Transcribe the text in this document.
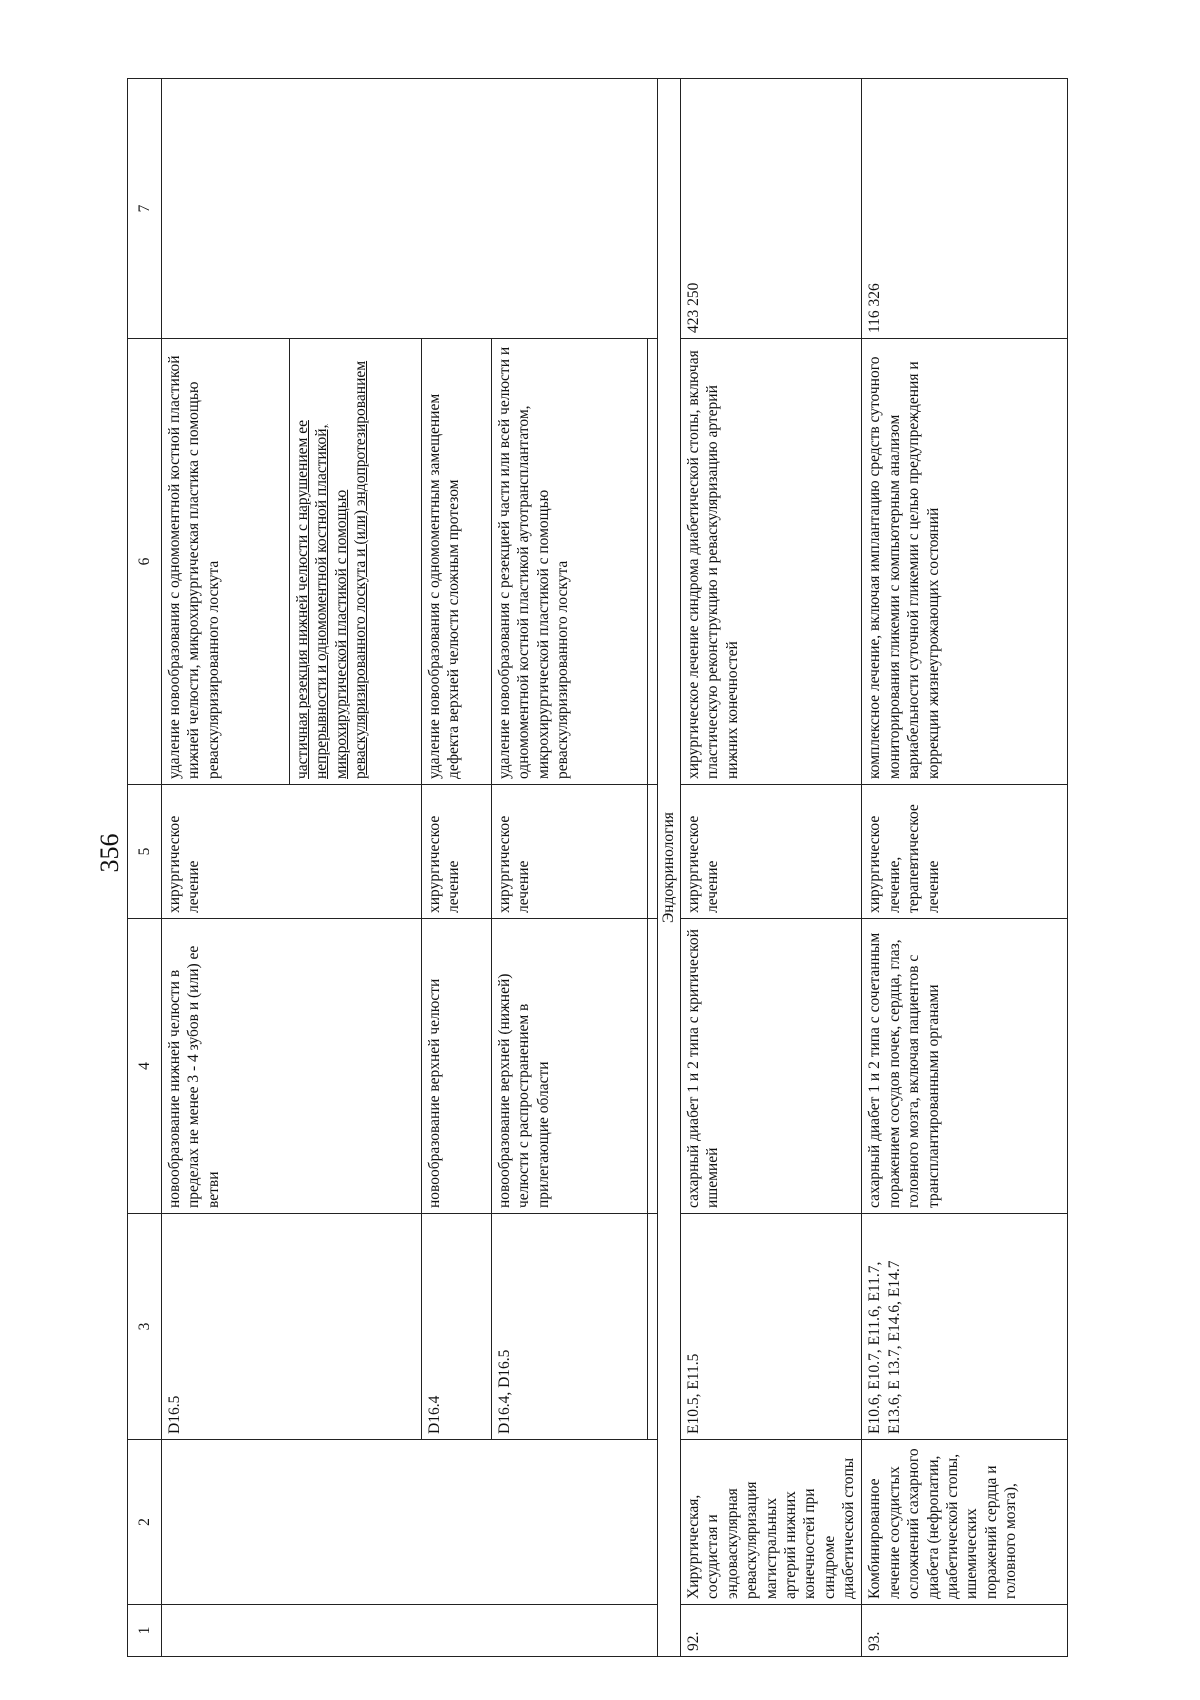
356
1	2	3	4	5	6	7
		D16.5	новообразование нижней челюсти в пределах не менее 3 - 4 зубов и (или) ее ветви	хирургическое лечение	удаление новообразования с одномоментной костной пластикой нижней челюсти, микрохирургическая пластика с помощью реваскуляризированного лоскута	
					частичная резекция нижней челюсти с нарушением ее непрерывности и одномоментной костной пластикой, микрохирургической пластикой с помощью реваскуляризированного лоскута и (или) эндопротезированием	
		D16.4	новообразование верхней челюсти	хирургическое лечение	удаление новообразования с одномоментным замещением дефекта верхней челюсти сложным протезом	
		D16.4, D16.5	новообразование верхней (нижней) челюсти с распространением в прилегающие области	хирургическое лечение	удаление новообразования с резекцией части или всей челюсти и одномоментной костной пластикой аутотрансплантатом, микрохирургической пластикой с помощью реваскуляризированного лоскута	

Эндокринология						
92.	Хирургическая, сосудистая и эндоваскулярная реваскуляризация магистральных артерий нижних конечностей при синдроме диабетической стопы	E10.5, E11.5	сахарный диабет 1 и 2 типа с критической ишемией	хирургическое лечение	хирургическое лечение синдрома диабетической стопы, включая пластическую реконструкцию и реваскуляризацию артерий нижних конечностей	423 250
93.	Комбинированное лечение сосудистых осложнений сахарного диабета (нефропатии, диабетической стопы, ишемических поражений сердца и головного мозга),	E10.6, E10.7, E11.6, E11.7, E13.6, E 13.7, E14.6, E14.7	сахарный диабет 1 и 2 типа с сочетанным поражением сосудов почек, сердца, глаз, головного мозга, включая пациентов с трансплантированными органами	хирургическое лечение, терапевтическое лечение	комплексное лечение, включая имплантацию средств суточного мониторирования гликемии с компьютерным анализом вариабельности суточной гликемии с целью предупреждения и коррекции жизнеугрожающих состояний	116 326
